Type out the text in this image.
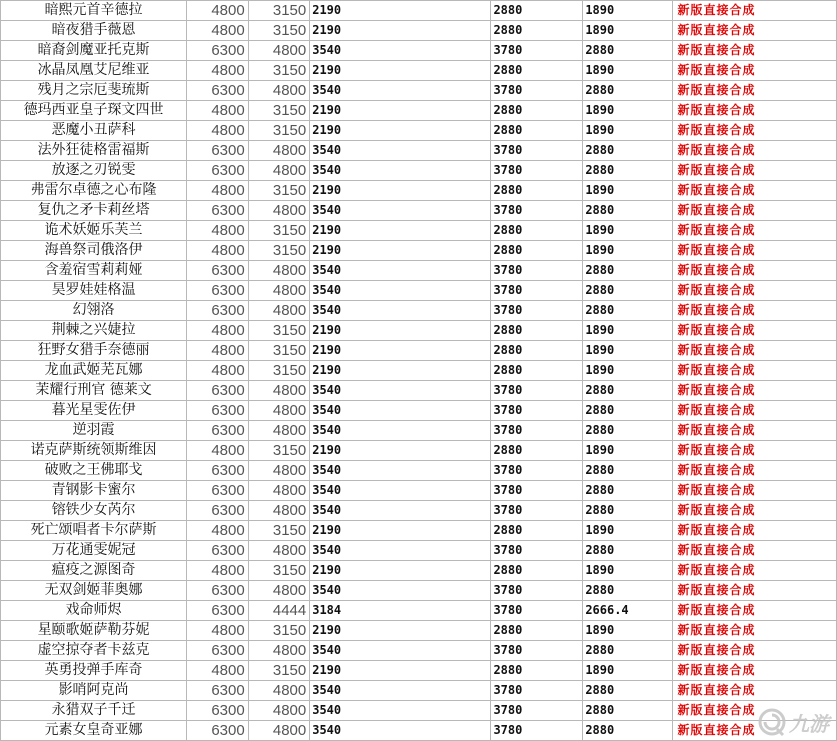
暗熙元首辛德拉	4800	3150	2190	2880	1890	新版直接合成
暗夜猎手薇恩	4800	3150	2190	2880	1890	新版直接合成
暗裔剑魔亚托克斯	6300	4800	3540	3780	2880	新版直接合成
冰晶凤凰艾尼维亚	4800	3150	2190	2880	1890	新版直接合成
残月之宗厄斐琉斯	6300	4800	3540	3780	2880	新版直接合成
德玛西亚皇子琛文四世	4800	3150	2190	2880	1890	新版直接合成
恶魔小丑萨科	4800	3150	2190	2880	1890	新版直接合成
法外狂徒格雷福斯	6300	4800	3540	3780	2880	新版直接合成
放逐之刃锐雯	6300	4800	3540	3780	2880	新版直接合成
弗雷尔卓德之心布隆	4800	3150	2190	2880	1890	新版直接合成
复仇之矛卡莉丝塔	6300	4800	3540	3780	2880	新版直接合成
诡术妖姬乐芙兰	4800	3150	2190	2880	1890	新版直接合成
海兽祭司俄洛伊	4800	3150	2190	2880	1890	新版直接合成
含羞宿雪莉莉娅	6300	4800	3540	3780	2880	新版直接合成
昊罗娃娃格温	6300	4800	3540	3780	2880	新版直接合成
幻翎洛	6300	4800	3540	3780	2880	新版直接合成
荆棘之兴婕拉	4800	3150	2190	2880	1890	新版直接合成
狂野女猎手奈德丽	4800	3150	2190	2880	1890	新版直接合成
龙血武姬芜瓦娜	4800	3150	2190	2880	1890	新版直接合成
茉耀行刑官 德莱文	6300	4800	3540	3780	2880	新版直接合成
暮光星雯佐伊	6300	4800	3540	3780	2880	新版直接合成
逆羽霞	6300	4800	3540	3780	2880	新版直接合成
诺克萨斯统领斯维因	4800	3150	2190	2880	1890	新版直接合成
破败之王佛耶戈	6300	4800	3540	3780	2880	新版直接合成
青钢影卡蜜尔	6300	4800	3540	3780	2880	新版直接合成
镕铁少女芮尔	6300	4800	3540	3780	2880	新版直接合成
死亡颂唱者卡尔萨斯	4800	3150	2190	2880	1890	新版直接合成
万花通雯妮冠	6300	4800	3540	3780	2880	新版直接合成
瘟疫之源图奇	4800	3150	2190	2880	1890	新版直接合成
无双剑姬菲奥娜	6300	4800	3540	3780	2880	新版直接合成
戏命师烬	6300	4444	3184	3780	2666.4	新版直接合成
星颐歌姬萨勒芬妮	4800	3150	2190	2880	1890	新版直接合成
虚空掠夺者卡兹克	6300	4800	3540	3780	2880	新版直接合成
英勇投弹手库奇	4800	3150	2190	2880	1890	新版直接合成
影哨阿克尚	6300	4800	3540	3780	2880	新版直接合成
永猎双子千迁	6300	4800	3540	3780	2880	新版直接合成
元素女皇奇亚娜	6300	4800	3540	3780	2880	新版直接合成 九游
